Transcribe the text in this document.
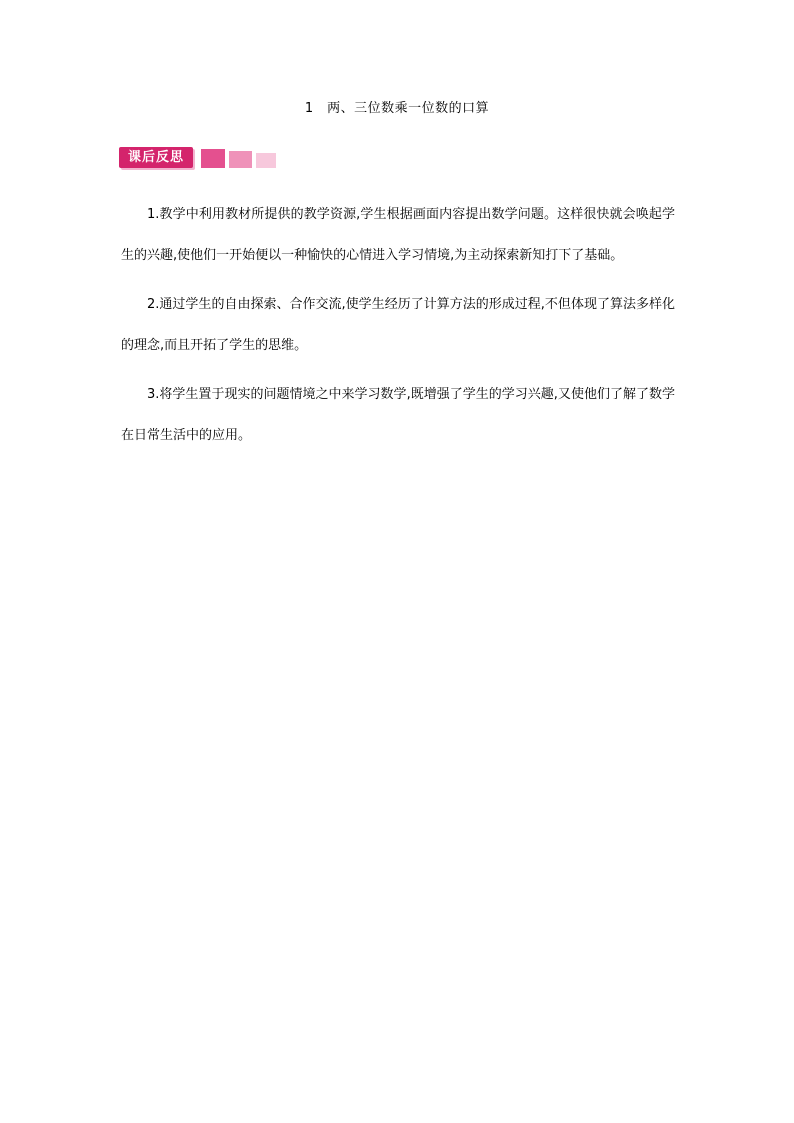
1　两、三位数乘一位数的口算
课后反思

1.教学中利用教材所提供的教学资源,学生根据画面内容提出数学问题。这样很快就会唤起学生的兴趣,使他们一开始便以一种愉快的心情进入学习情境,为主动探索新知打下了基础。

2.通过学生的自由探索、合作交流,使学生经历了计算方法的形成过程,不但体现了算法多样化的理念,而且开拓了学生的思维。

3.将学生置于现实的问题情境之中来学习数学,既增强了学生的学习兴趣,又使他们了解了数学在日常生活中的应用。
